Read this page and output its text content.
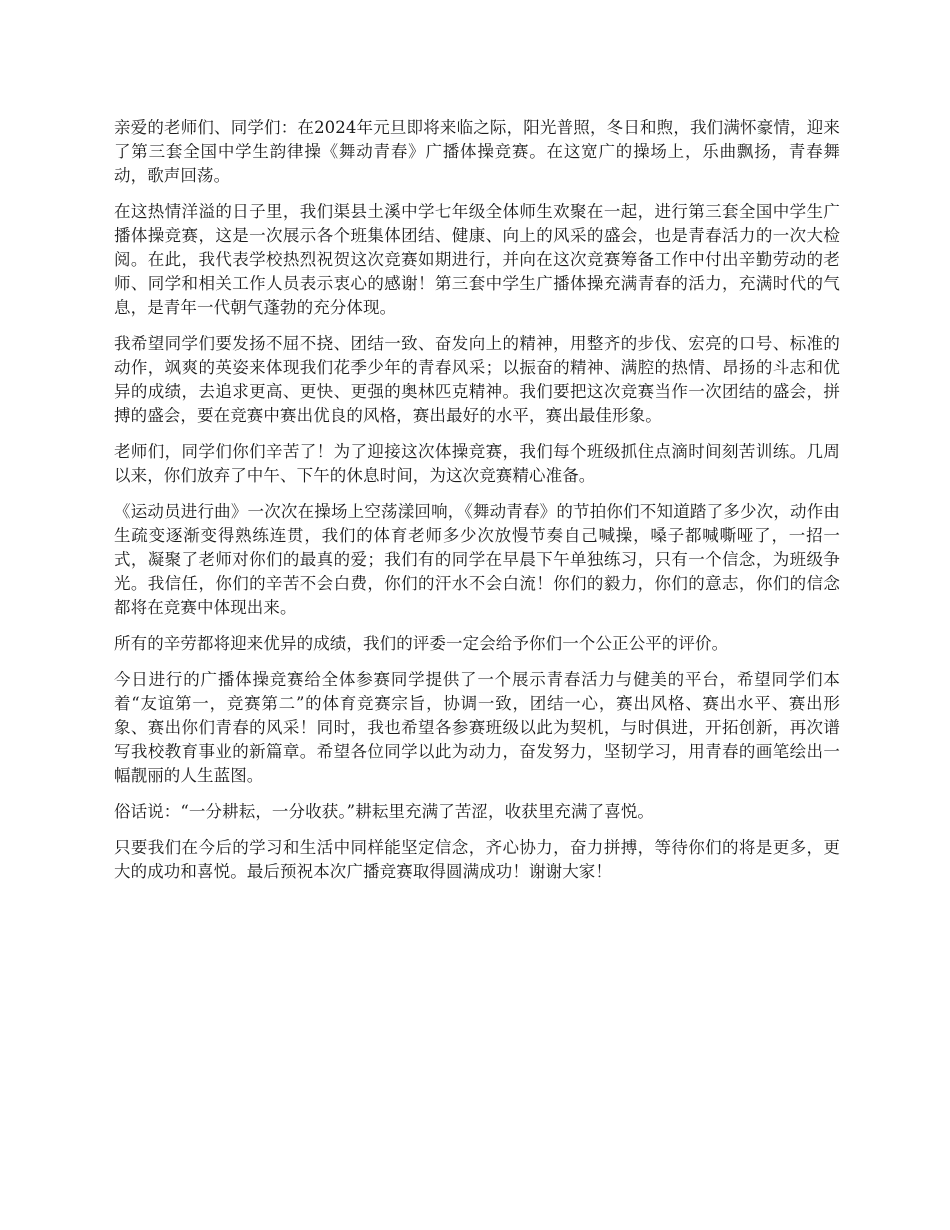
亲爱的老师们、同学们：在2024年元旦即将来临之际，阳光普照，冬日和煦，我们满怀豪情，迎来了第三套全国中学生韵律操《舞动青春》广播体操竞赛。在这宽广的操场上，乐曲飘扬，青春舞动，歌声回荡。

在这热情洋溢的日子里，我们渠县土溪中学七年级全体师生欢聚在一起，进行第三套全国中学生广播体操竞赛，这是一次展示各个班集体团结、健康、向上的风采的盛会，也是青春活力的一次大检阅。在此，我代表学校热烈祝贺这次竞赛如期进行，并向在这次竞赛筹备工作中付出辛勤劳动的老师、同学和相关工作人员表示衷心的感谢！第三套中学生广播体操充满青春的活力，充满时代的气息，是青年一代朝气蓬勃的充分体现。

我希望同学们要发扬不屈不挠、团结一致、奋发向上的精神，用整齐的步伐、宏亮的口号、标准的动作，飒爽的英姿来体现我们花季少年的青春风采；以振奋的精神、满腔的热情、昂扬的斗志和优异的成绩，去追求更高、更快、更强的奥林匹克精神。我们要把这次竞赛当作一次团结的盛会，拼搏的盛会，要在竞赛中赛出优良的风格，赛出最好的水平，赛出最佳形象。

老师们，同学们你们辛苦了！为了迎接这次体操竞赛，我们每个班级抓住点滴时间刻苦训练。几周以来，你们放弃了中午、下午的休息时间，为这次竞赛精心准备。

《运动员进行曲》一次次在操场上空荡漾回响，《舞动青春》的节拍你们不知道踏了多少次，动作由生疏变逐渐变得熟练连贯，我们的体育老师多少次放慢节奏自己喊操，嗓子都喊嘶哑了，一招一式，凝聚了老师对你们的最真的爱；我们有的同学在早晨下午单独练习，只有一个信念，为班级争光。我信任，你们的辛苦不会白费，你们的汗水不会白流！你们的毅力，你们的意志，你们的信念都将在竞赛中体现出来。

所有的辛劳都将迎来优异的成绩，我们的评委一定会给予你们一个公正公平的评价。

今日进行的广播体操竞赛给全体参赛同学提供了一个展示青春活力与健美的平台，希望同学们本着“友谊第一，竞赛第二”的体育竞赛宗旨，协调一致，团结一心，赛出风格、赛出水平、赛出形象、赛出你们青春的风采！同时，我也希望各参赛班级以此为契机，与时俱进，开拓创新，再次谱写我校教育事业的新篇章。希望各位同学以此为动力，奋发努力，坚韧学习，用青春的画笔绘出一幅靓丽的人生蓝图。

俗话说：“一分耕耘，一分收获。”耕耘里充满了苦涩，收获里充满了喜悦。

只要我们在今后的学习和生活中同样能坚定信念，齐心协力，奋力拼搏，等待你们的将是更多，更大的成功和喜悦。最后预祝本次广播竞赛取得圆满成功！谢谢大家！
